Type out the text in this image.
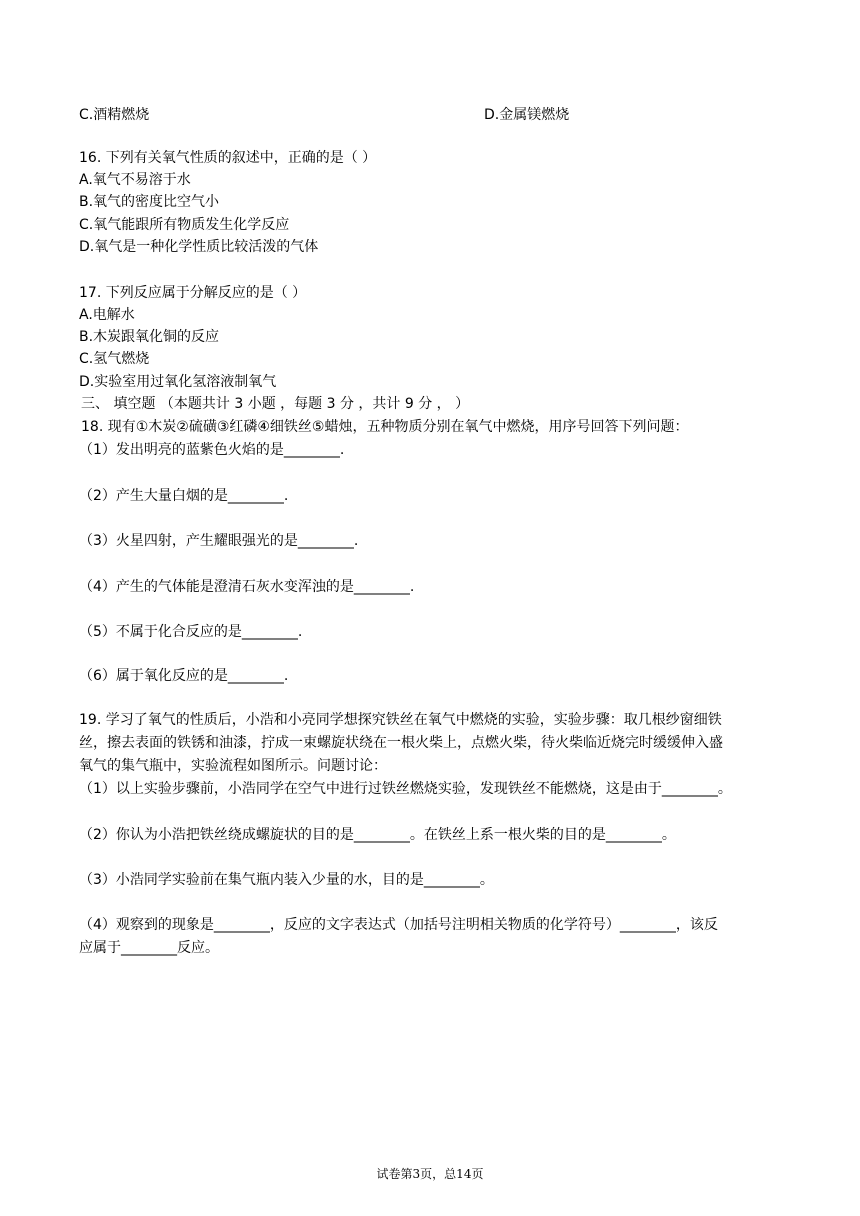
C.酒精燃烧	D.金属镁燃烧
16. 下列有关氧气性质的叙述中，正确的是（ ）
A.氧气不易溶于水
B.氧气的密度比空气小
C.氧气能跟所有物质发生化学反应
D.氧气是一种化学性质比较活泼的气体
17. 下列反应属于分解反应的是（ ）
A.电解水
B.木炭跟氧化铜的反应
C.氢气燃烧
D.实验室用过氧化氢溶液制氧气
三、 填空题 （本题共计 3 小题 ，每题 3 分 ，共计 9 分 ， ）
18. 现有①木炭②硫磺③红磷④细铁丝⑤蜡烛，五种物质分别在氧气中燃烧，用序号回答下列问题：
（1）发出明亮的蓝紫色火焰的是________.
（2）产生大量白烟的是________.
（3）火星四射，产生耀眼强光的是________.
（4）产生的气体能是澄清石灰水变浑浊的是________.
（5）不属于化合反应的是________.
（6）属于氧化反应的是________.
19. 学习了氧气的性质后，小浩和小亮同学想探究铁丝在氧气中燃烧的实验，实验步骤：取几根纱窗细铁
丝，擦去表面的铁锈和油漆，拧成一束螺旋状绕在一根火柴上，点燃火柴，待火柴临近烧完时缓缓伸入盛
氧气的集气瓶中，实验流程如图所示。问题讨论：
（1）以上实验步骤前，小浩同学在空气中进行过铁丝燃烧实验，发现铁丝不能燃烧，这是由于________。
（2）你认为小浩把铁丝绕成螺旋状的目的是________。在铁丝上系一根火柴的目的是________。
（3）小浩同学实验前在集气瓶内装入少量的水，目的是________。
（4）观察到的现象是________，反应的文字表达式（加括号注明相关物质的化学符号）________，该反
应属于________反应。
试卷第3页，总14页
